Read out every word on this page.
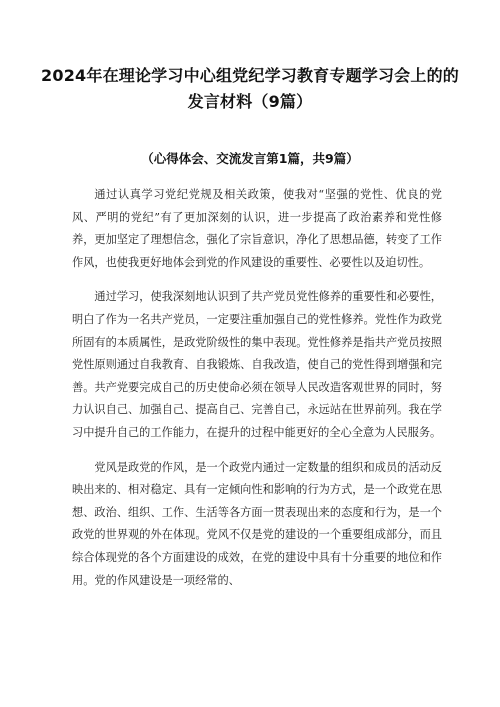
2024年在理论学习中心组党纪学习教育专题学习会上的的发言材料（9篇）
（心得体会、交流发言第1篇，共9篇）

通过认真学习党纪党规及相关政策，使我对“坚强的党性、优良的党风、严明的党纪”有了更加深刻的认识，进一步提高了政治素养和党性修养，更加坚定了理想信念，强化了宗旨意识，净化了思想品德，转变了工作作风，也使我更好地体会到党的作风建设的重要性、必要性以及迫切性。

通过学习，使我深刻地认识到了共产党员党性修养的重要性和必要性，明白了作为一名共产党员，一定要注重加强自己的党性修养。党性作为政党所固有的本质属性，是政党阶级性的集中表现。党性修养是指共产党员按照党性原则通过自我教育、自我锻炼、自我改造，使自己的党性得到增强和完善。共产党要完成自己的历史使命必须在领导人民改造客观世界的同时，努力认识自己、加强自己、提高自己、完善自己，永远站在世界前列。我在学习中提升自己的工作能力，在提升的过程中能更好的全心全意为人民服务。

党风是政党的作风，是一个政党内通过一定数量的组织和成员的活动反映出来的、相对稳定、具有一定倾向性和影响的行为方式，是一个政党在思想、政治、组织、工作、生活等各方面一贯表现出来的态度和行为，是一个政党的世界观的外在体现。党风不仅是党的建设的一个重要组成部分，而且综合体现党的各个方面建设的成效，在党的建设中具有十分重要的地位和作用。党的作风建设是一项经常的、
